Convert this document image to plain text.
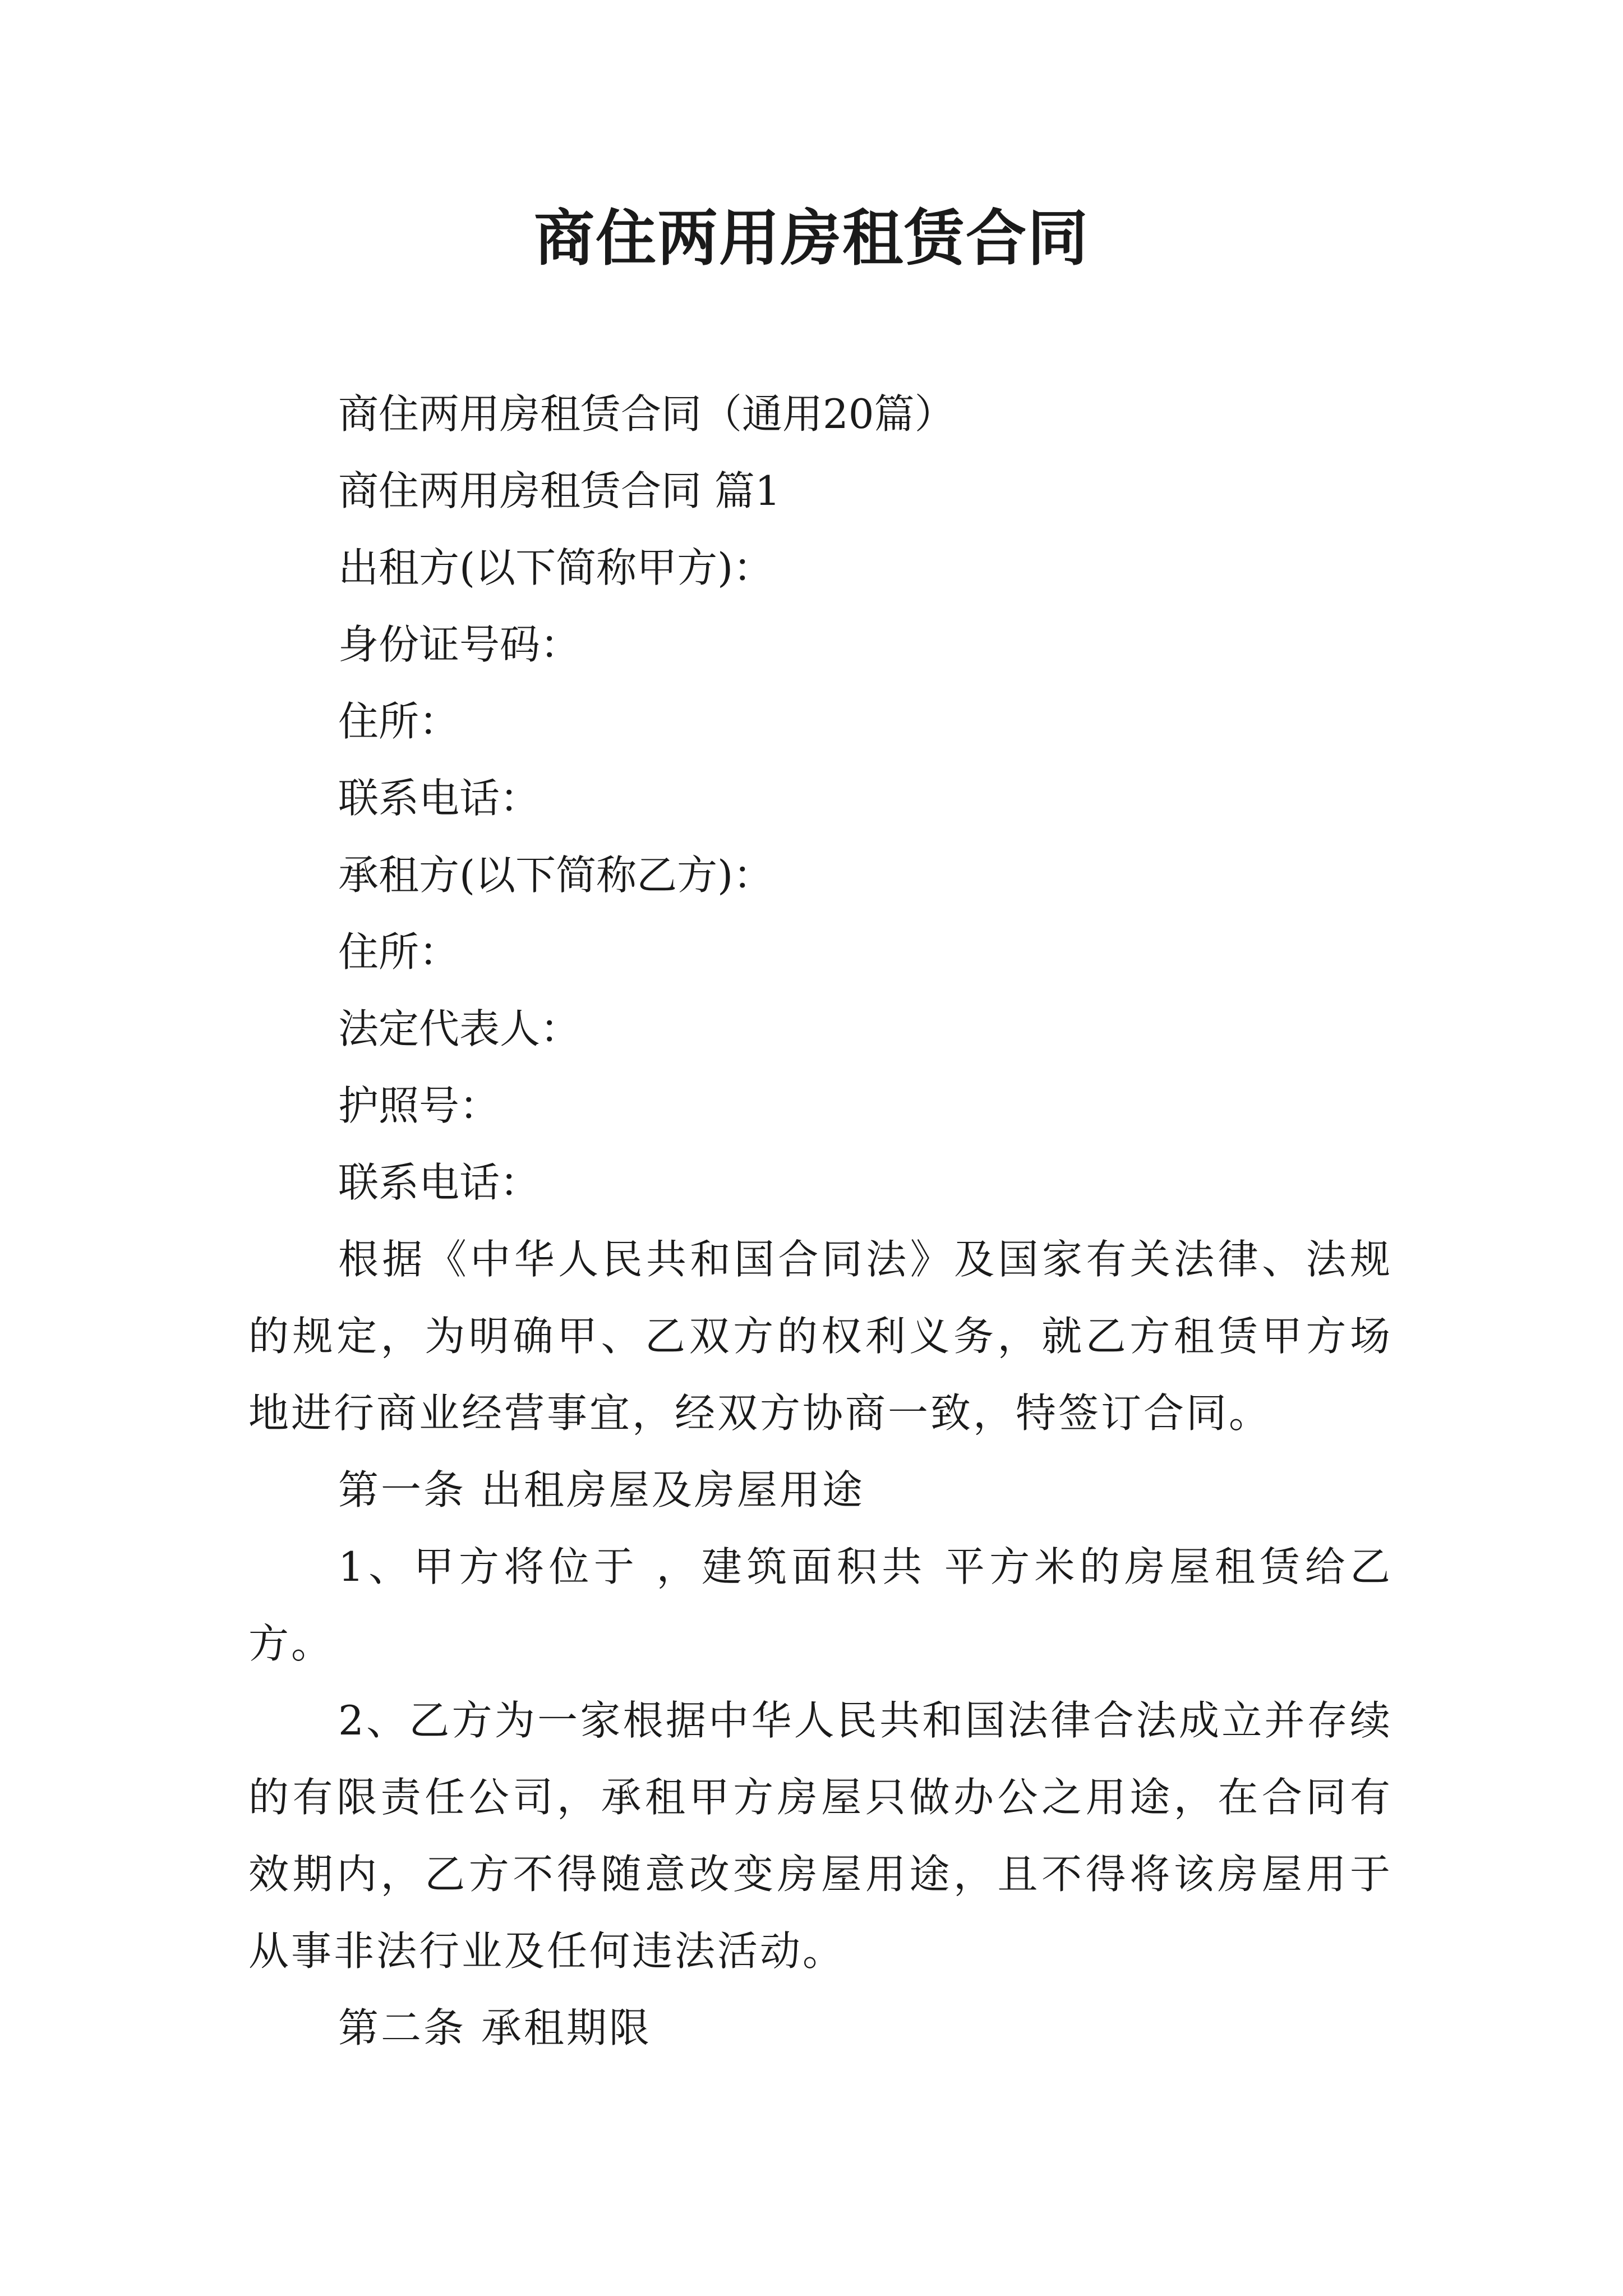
商住两用房租赁合同

商住两用房租赁合同（通用20篇）

商住两用房租赁合同 篇1

出租方(以下简称甲方)：

身份证号码：

住所：

联系电话：

承租方(以下简称乙方)：

住所：

法定代表人：

护照号：

联系电话：

根据《中华人民共和国合同法》及国家有关法律、法规的规定，为明确甲、乙双方的权利义务，就乙方租赁甲方场地进行商业经营事宜，经双方协商一致，特签订合同。

第一条 出租房屋及房屋用途

1、甲方将位于 ，建筑面积共 平方米的房屋租赁给乙方。

2、乙方为一家根据中华人民共和国法律合法成立并存续的有限责任公司，承租甲方房屋只做办公之用途，在合同有效期内，乙方不得随意改变房屋用途，且不得将该房屋用于从事非法行业及任何违法活动。

第二条 承租期限
